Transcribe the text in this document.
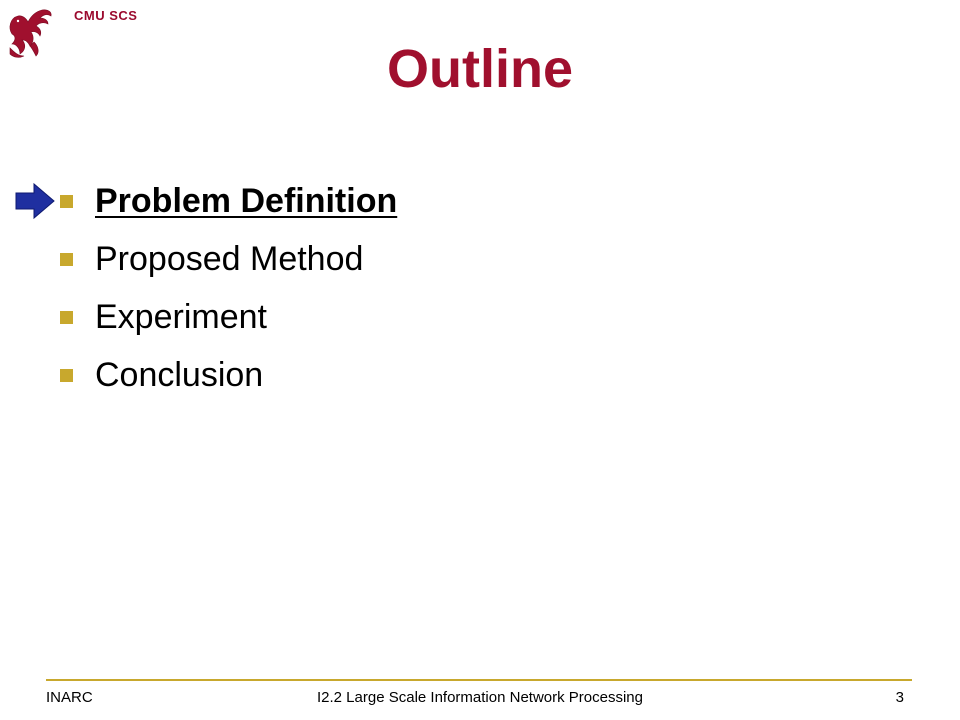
CMU SCS
Outline
Problem Definition
Proposed Method
Experiment
Conclusion
INARC	I2.2 Large Scale Information Network Processing	3
